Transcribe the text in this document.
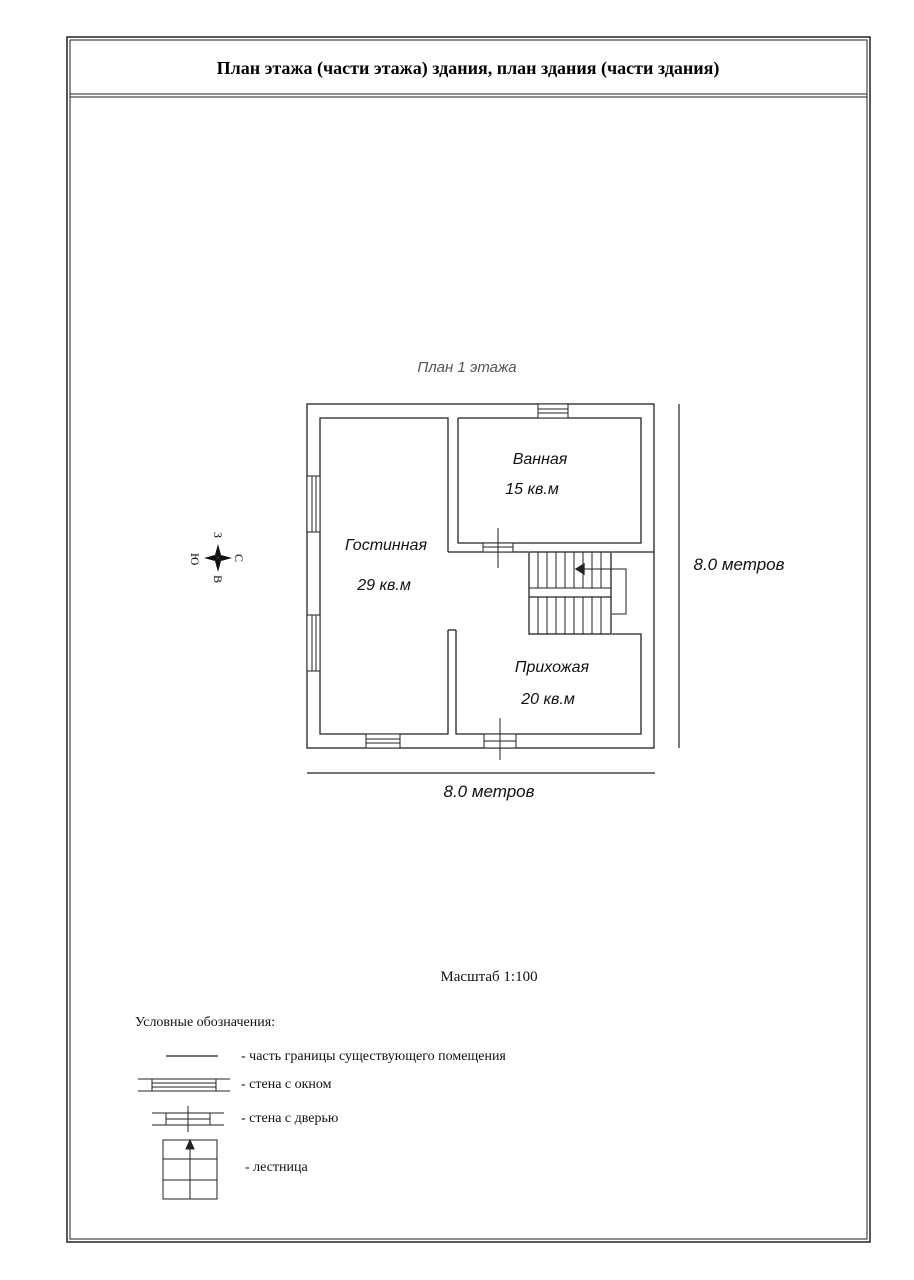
План этажа (части этажа) здания, план здания (части здания)
План 1 этажа
Ванная
15 кв.м
Гостинная
29 кв.м
Прихожая
20 кв.м
8.0 метров
8.0 метров
С
Ю
З
В
Масштаб 1:100
Условные обозначения:
- часть границы существующего помещения
- стена с окном
- стена с дверью
- лестница
